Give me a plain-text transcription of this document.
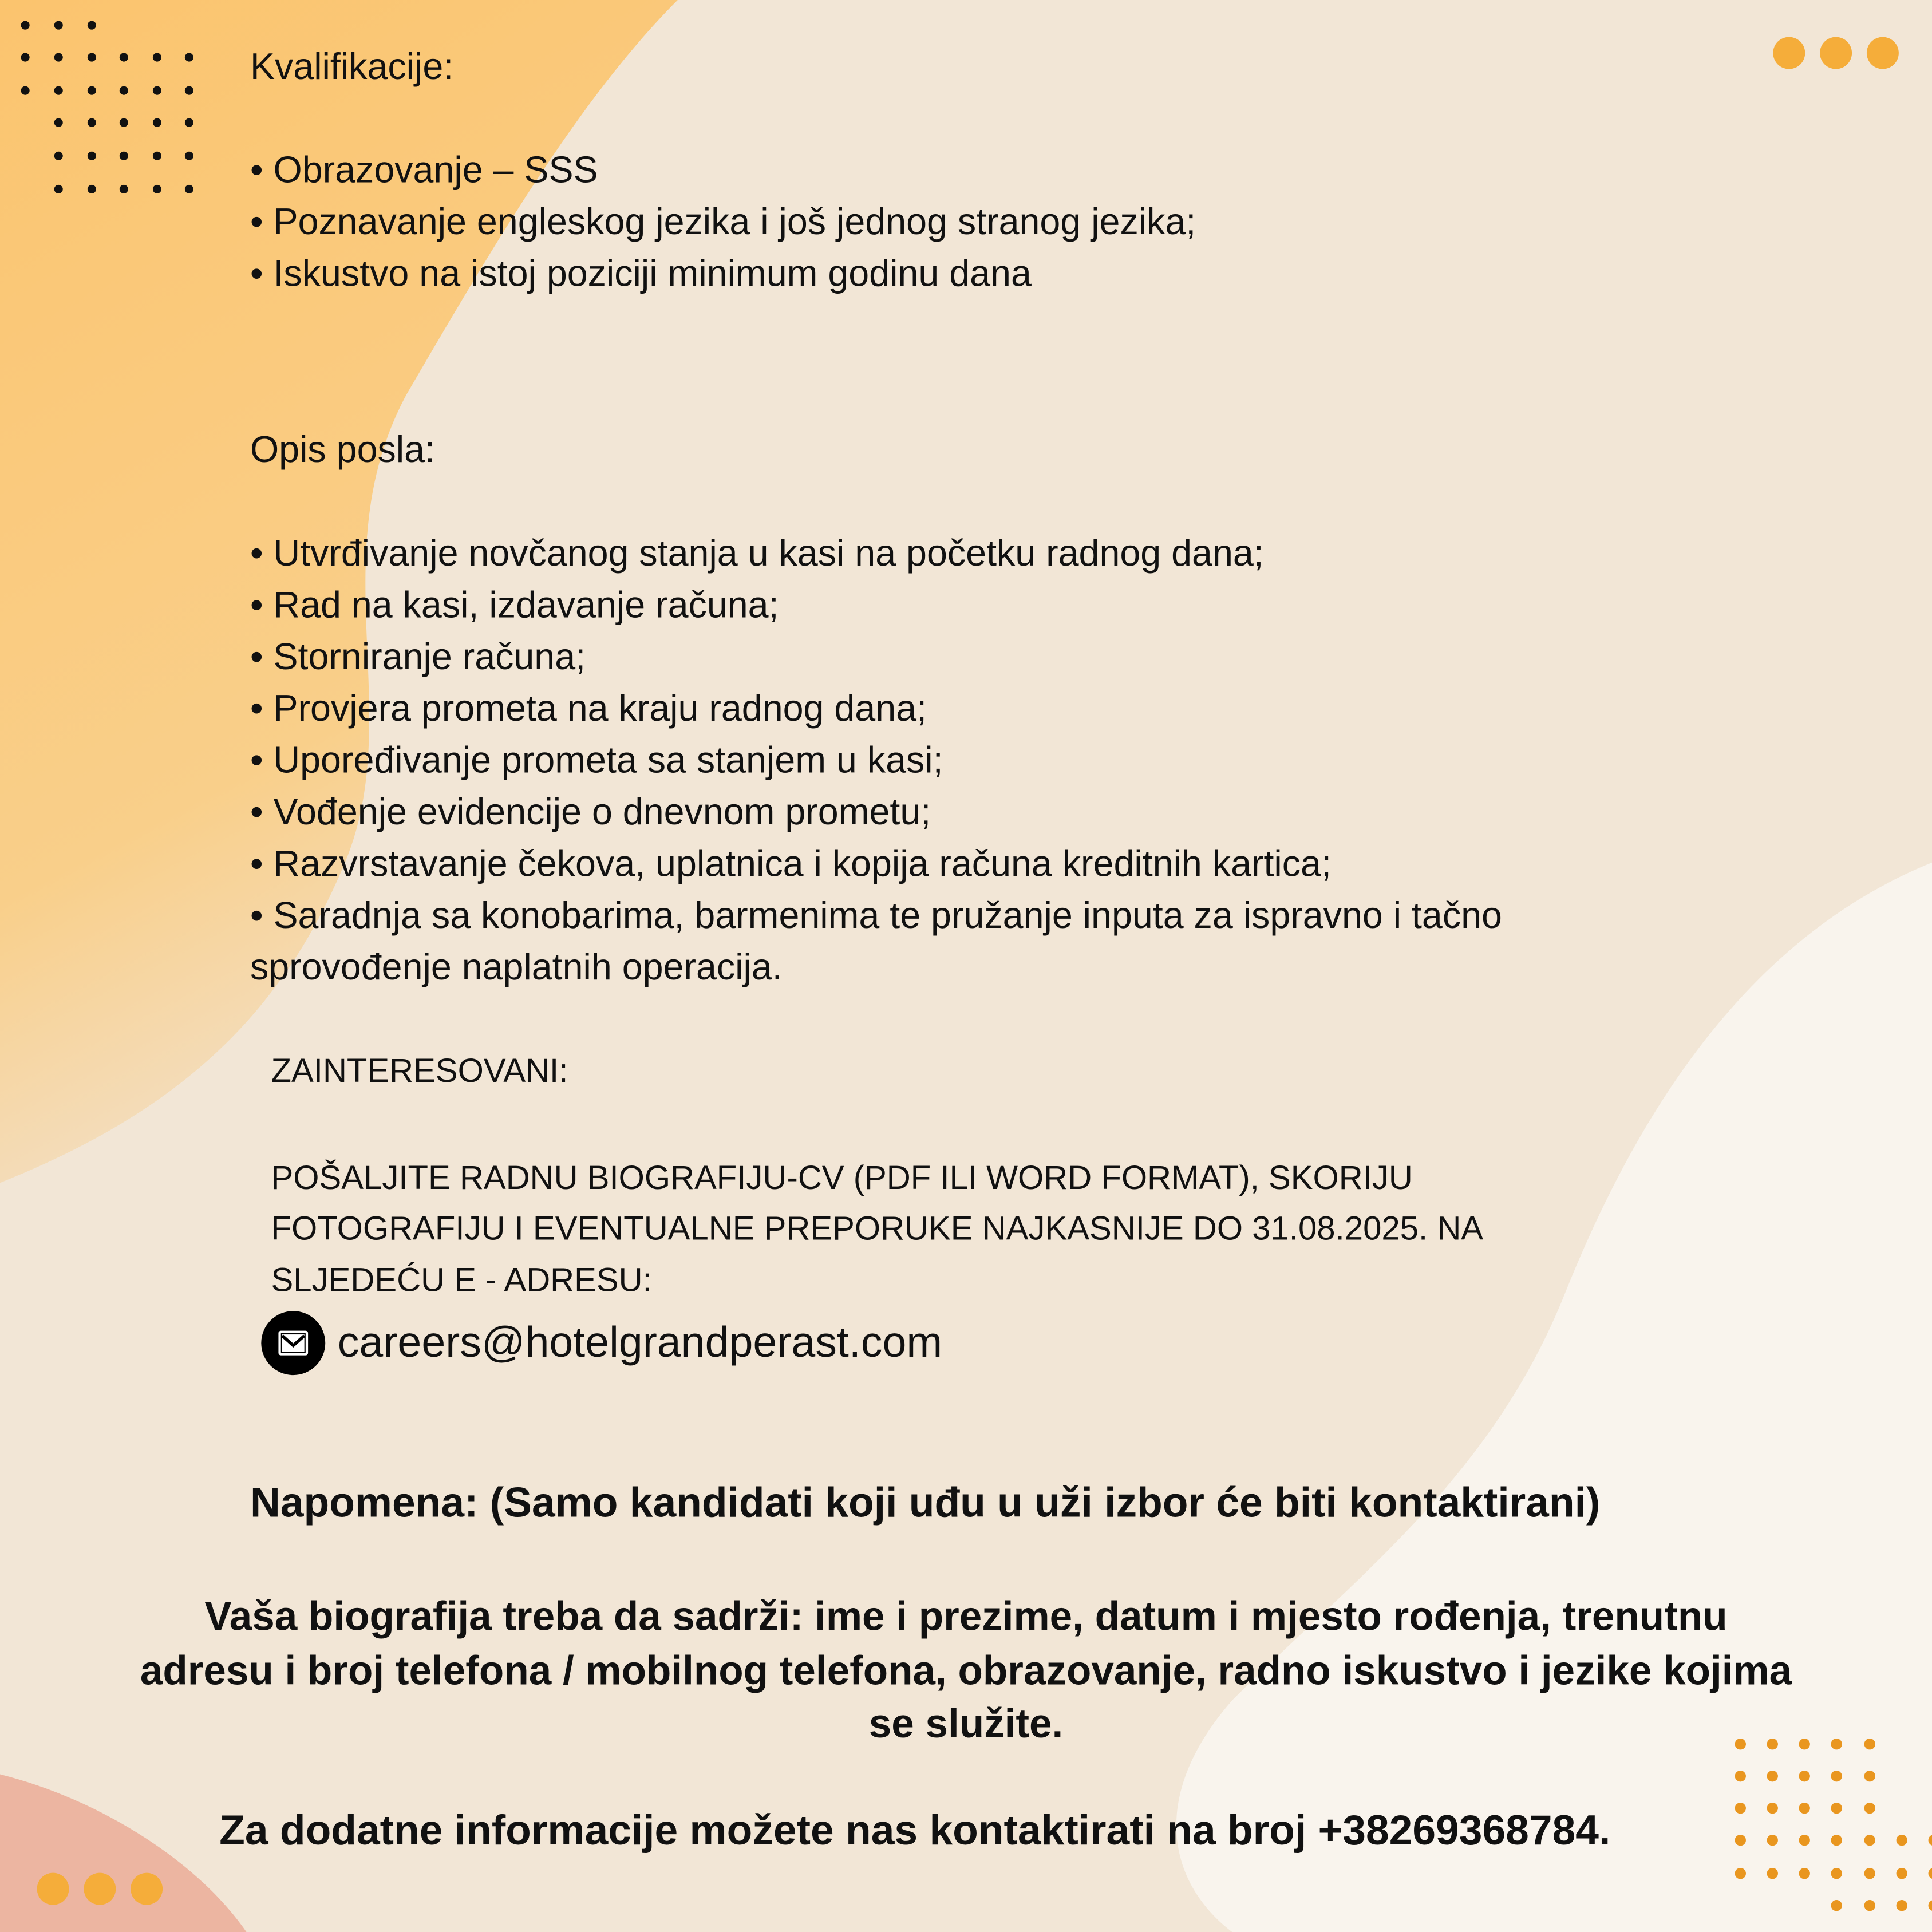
Kvalifikacije:
• Obrazovanje – SSS
• Poznavanje engleskog jezika i još jednog stranog jezika;
• Iskustvo na istoj poziciji minimum godinu dana
Opis posla:
• Utvrđivanje novčanog stanja u kasi na početku radnog dana;
• Rad na kasi, izdavanje računa;
• Storniranje računa;
• Provjera prometa na kraju radnog dana;
• Upoređivanje prometa sa stanjem u kasi;
• Vođenje evidencije o dnevnom prometu;
• Razvrstavanje čekova, uplatnica i kopija računa kreditnih kartica;
• Saradnja sa konobarima, barmenima te pružanje inputa za ispravno i tačno
sprovođenje naplatnih operacija.
ZAINTERESOVANI:
POŠALJITE RADNU BIOGRAFIJU-CV (PDF ILI WORD FORMAT), SKORIJU
FOTOGRAFIJU I EVENTUALNE PREPORUKE NAJKASNIJE DO 31.08.2025. NA
SLJEDEĆU E - ADRESU:
careers@hotelgrandperast.com
Napomena: (Samo kandidati koji uđu u uži izbor će biti kontaktirani)
Vaša biografija treba da sadrži: ime i prezime, datum i mjesto rođenja, trenutnu
adresu i broj telefona / mobilnog telefona, obrazovanje, radno iskustvo i jezike kojima
se služite.
Za dodatne informacije možete nas kontaktirati na broj +38269368784.
